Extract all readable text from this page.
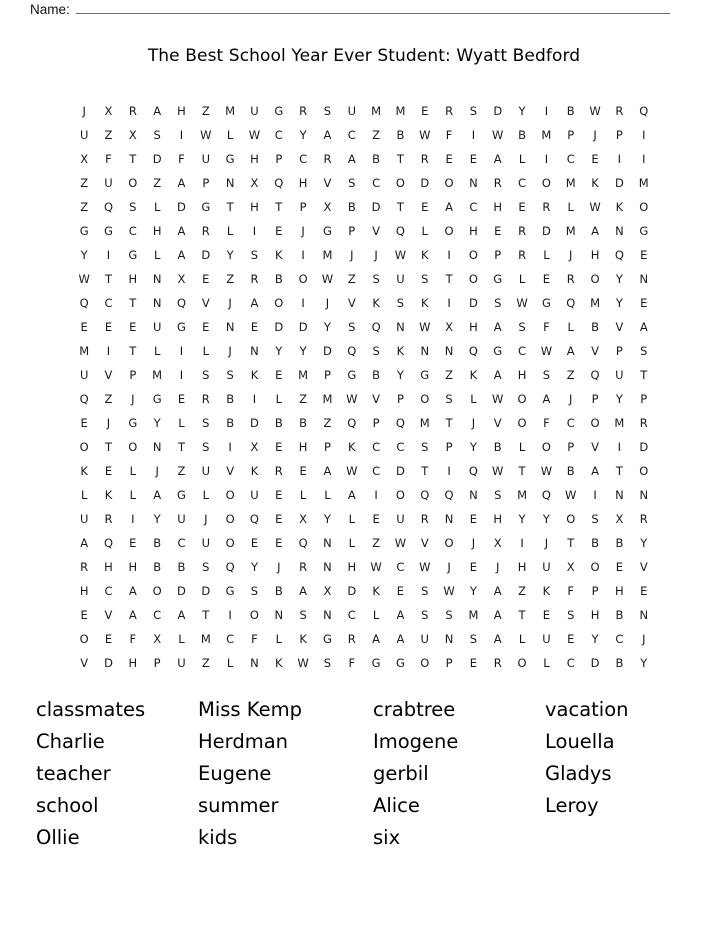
Name:
The Best School Year Ever Student: Wyatt Bedford
J	X	R	A	H	Z	M	U	G	R	S	U	M	M	E	R	S	D	Y	I	B	W	R	Q
U	Z	X	S	I	W	L	W	C	Y	A	C	Z	B	W	F	I	W	B	M	P	J	P	I
X	F	T	D	F	U	G	H	P	C	R	A	B	T	R	E	E	A	L	I	C	E	I	I
Z	U	O	Z	A	P	N	X	Q	H	V	S	C	O	D	O	N	R	C	O	M	K	D	M
Z	Q	S	L	D	G	T	H	T	P	X	B	D	T	E	A	C	H	E	R	L	W	K	O
G	G	C	H	A	R	L	I	E	J	G	P	V	Q	L	O	H	E	R	D	M	A	N	G
Y	I	G	L	A	D	Y	S	K	I	M	J	J	W	K	I	O	P	R	L	J	H	Q	E
W	T	H	N	X	E	Z	R	B	O	W	Z	S	U	S	T	O	G	L	E	R	O	Y	N
Q	C	T	N	Q	V	J	A	O	I	J	V	K	S	K	I	D	S	W	G	Q	M	Y	E
E	E	E	U	G	E	N	E	D	D	Y	S	Q	N	W	X	H	A	S	F	L	B	V	A
M	I	T	L	I	L	J	N	Y	Y	D	Q	S	K	N	N	Q	G	C	W	A	V	P	S
U	V	P	M	I	S	S	K	E	M	P	G	B	Y	G	Z	K	A	H	S	Z	Q	U	T
Q	Z	J	G	E	R	B	I	L	Z	M	W	V	P	O	S	L	W	O	A	J	P	Y	P
E	J	G	Y	L	S	B	D	B	B	Z	Q	P	Q	M	T	J	V	O	F	C	O	M	R
O	T	O	N	T	S	I	X	E	H	P	K	C	C	S	P	Y	B	L	O	P	V	I	D
K	E	L	J	Z	U	V	K	R	E	A	W	C	D	T	I	Q	W	T	W	B	A	T	O
L	K	L	A	G	L	O	U	E	L	L	A	I	O	Q	Q	N	S	M	Q	W	I	N	N
U	R	I	Y	U	J	O	Q	E	X	Y	L	E	U	R	N	E	H	Y	Y	O	S	X	R
A	Q	E	B	C	U	O	E	E	Q	N	L	Z	W	V	O	J	X	I	J	T	B	B	Y
R	H	H	B	B	S	Q	Y	J	R	N	H	W	C	W	J	E	J	H	U	X	O	E	V
H	C	A	O	D	D	G	S	B	A	X	D	K	E	S	W	Y	A	Z	K	F	P	H	E
E	V	A	C	A	T	I	O	N	S	N	C	L	A	S	S	M	A	T	E	S	H	B	N
O	E	F	X	L	M	C	F	L	K	G	R	A	A	U	N	S	A	L	U	E	Y	C	J
V	D	H	P	U	Z	L	N	K	W	S	F	G	G	O	P	E	R	O	L	C	D	B	Y
classmates
Charlie
teacher
school
Ollie
Miss Kemp
Herdman
Eugene
summer
kids
crabtree
Imogene
gerbil
Alice
six
vacation
Louella
Gladys
Leroy
